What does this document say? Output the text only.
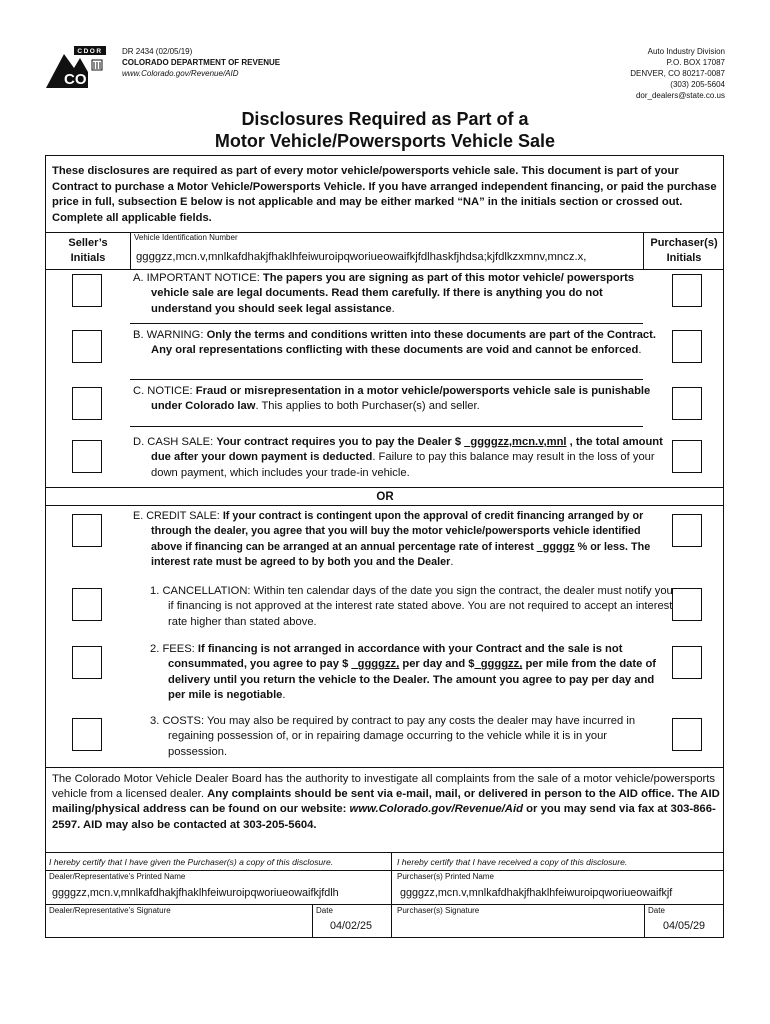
CDOR
CO
DR 2434 (02/05/19)
COLORADO DEPARTMENT OF REVENUE
www.Colorado.gov/Revenue/AID
Auto Industry Division
P.O. BOX 17087
DENVER, CO 80217-0087
(303) 205-5604
dor_dealers@state.co.us
Disclosures Required as Part of a
Motor Vehicle/Powersports Vehicle Sale
These disclosures are required as part of every motor vehicle/powersports vehicle sale. This document is part of your Contract to purchase a Motor Vehicle/Powersports Vehicle. If you have arranged independent financing, or paid the purchase price in full, subsection E below is not applicable and may be either marked “NA” in the initials section or crossed out. Complete all applicable fields.
Seller’s
Initials
Vehicle Identification Number
ggggzz,mcn.v,mnlkafdhakjfhaklhfeiwuroipqworiueowaifkjfdlhaskfjhdsa;kjfdlkzxmnv,mncz.x,
Purchaser(s)
Initials
A. IMPORTANT NOTICE: The papers you are signing as part of this motor vehicle/ powersports vehicle sale are legal documents. Read them carefully. If there is anything you do not understand you should seek legal assistance.
B. WARNING: Only the terms and conditions written into these documents are part of the Contract. Any oral representations conflicting with these documents are void and cannot be enforced.
C. NOTICE: Fraud or misrepresentation in a motor vehicle/powersports vehicle sale is punishable under Colorado law. This applies to both Purchaser(s) and seller.
D. CASH SALE: Your contract requires you to pay the Dealer $ _ggggzz,mcn.v,mnl , the total amount due after your down payment is deducted. Failure to pay this balance may result in the loss of your down payment, which includes your trade-in vehicle.
OR
E. CREDIT SALE: If your contract is contingent upon the approval of credit financing arranged by or through the dealer, you agree that you will buy the motor vehicle/powersports vehicle identified above if financing can be arranged at an annual percentage rate of interest _ggggz % or less. The interest rate must be agreed to by both you and the Dealer.
1. CANCELLATION: Within ten calendar days of the date you sign the contract, the dealer must notify you if financing is not approved at the interest rate stated above. You are not required to accept an interest rate higher than stated above.
2. FEES: If financing is not arranged in accordance with your Contract and the sale is not consummated, you agree to pay $ _ggggzz, per day and $_ggggzz, per mile from the date of delivery until you return the vehicle to the Dealer. The amount you agree to pay per day and per mile is negotiable.
3. COSTS: You may also be required by contract to pay any costs the dealer may have incurred in regaining possession of, or in repairing damage occurring to the vehicle while it is in your possession.
The Colorado Motor Vehicle Dealer Board has the authority to investigate all complaints from the sale of a motor vehicle/powersports vehicle from a licensed dealer. Any complaints should be sent via e-mail, mail, or delivered in person to the AID office. The AID mailing/physical address can be found on our website: www.Colorado.gov/Revenue/Aid or you may send via fax at 303-866-2597. AID may also be contacted at 303-205-5604.
I hereby certify that I have given the Purchaser(s) a copy of this disclosure.	I hereby certify that I have received a copy of this disclosure.
Dealer/Representative’s Printed Name
ggggzz,mcn.v,mnlkafdhakjfhaklhfeiwuroipqworiueowaifkjfdlh
Purchaser(s) Printed Name
ggggzz,mcn.v,mnlkafdhakjfhaklhfeiwuroipqworiueowaifkjf
Dealer/Representative’s Signature	Date
04/02/25
Purchaser(s) Signature	Date
04/05/29
